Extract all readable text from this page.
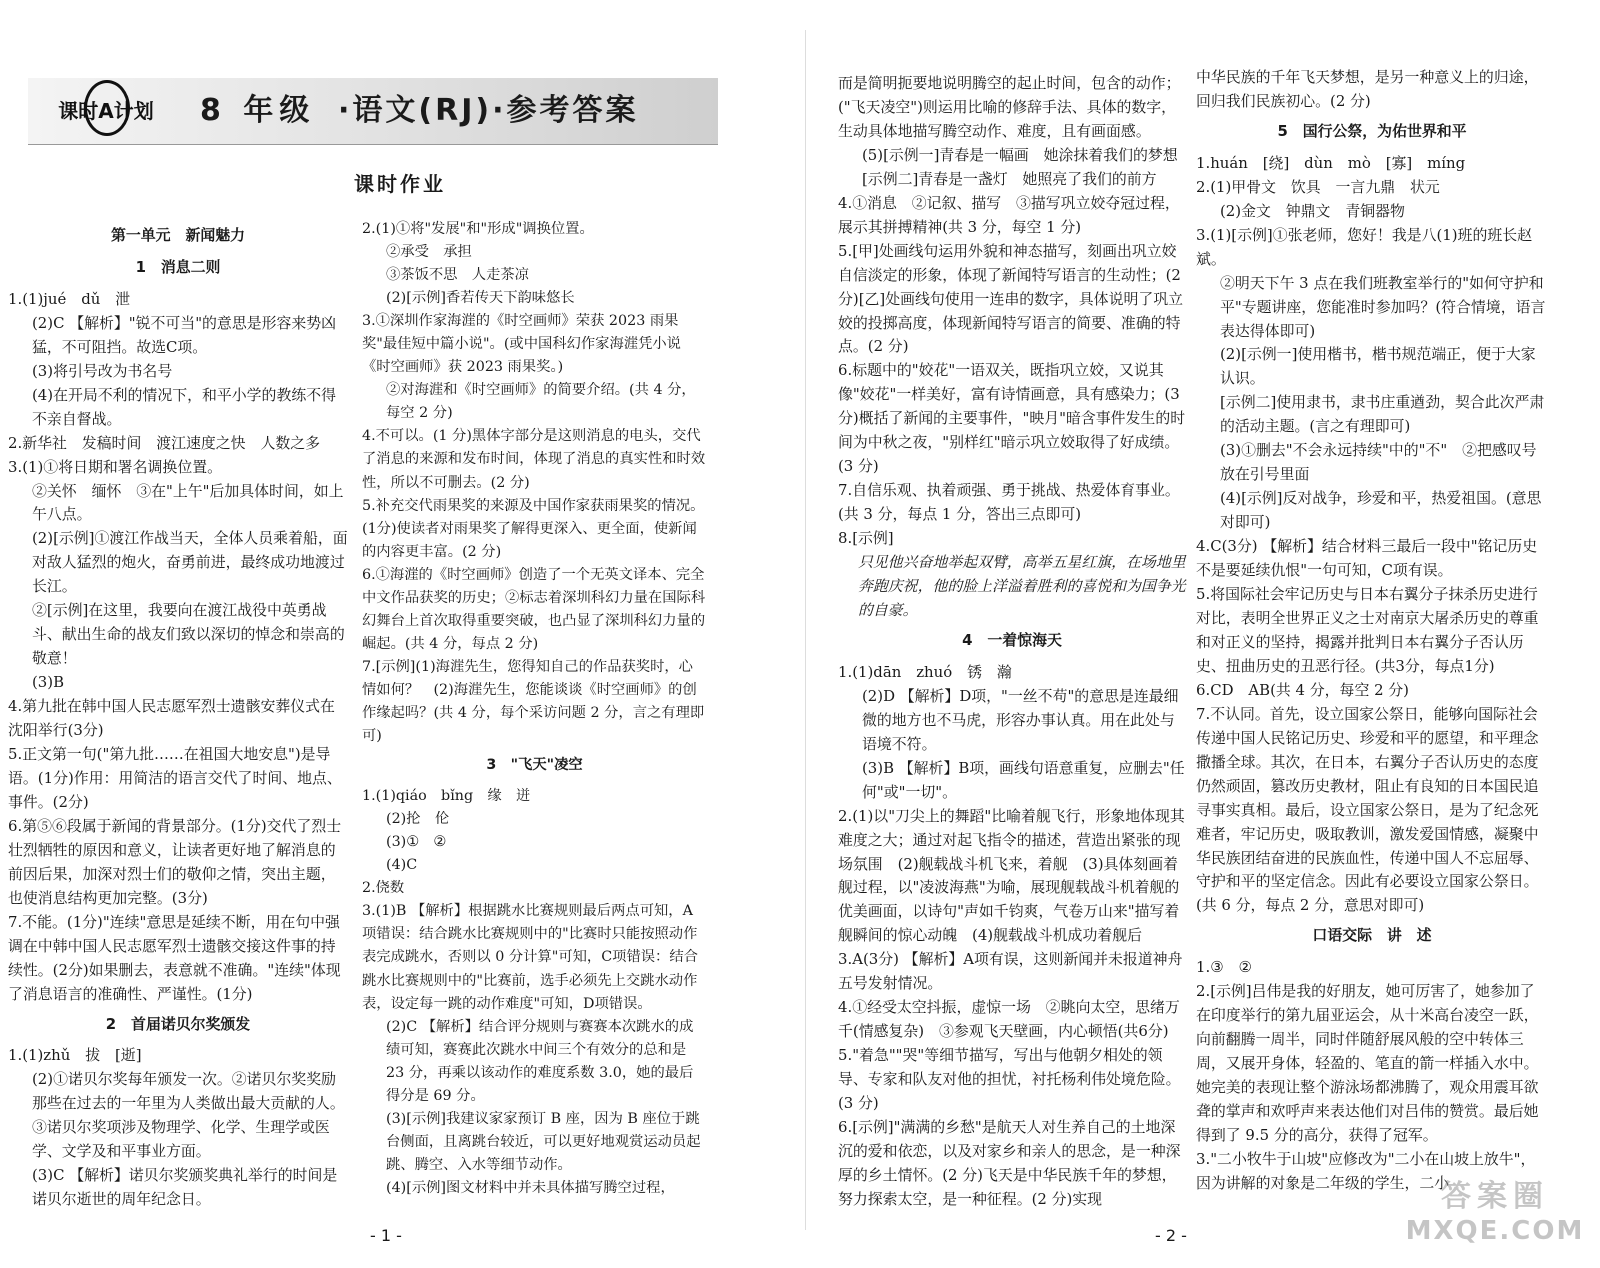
课时A计划	8 年级 ·语文(RJ)·参考答案
课时作业

第一单元　新闻魅力

1　消息二则

1.(1)jué　dǔ　泄

(2)C 【解析】"锐不可当"的意思是形容来势凶猛，不可阻挡。故选C项。

(3)将引号改为书名号

(4)在开局不利的情况下，和平小学的教练不得不亲自督战。

2.新华社　发稿时间　渡江速度之快　人数之多

3.(1)①将日期和署名调换位置。

②关怀　缅怀　③在"上午"后加具体时间，如上午八点。

(2)[示例]①渡江作战当天，全体人员乘着船，面对敌人猛烈的炮火，奋勇前进，最终成功地渡过长江。

②[示例]在这里，我要向在渡江战役中英勇战斗、献出生命的战友们致以深切的悼念和崇高的敬意！

(3)B

4.第九批在韩中国人民志愿军烈士遗骸安葬仪式在沈阳举行(3分)

5.正文第一句("第九批……在祖国大地安息")是导语。(1分)作用：用简洁的语言交代了时间、地点、事件。(2分)

6.第⑤⑥段属于新闻的背景部分。(1分)交代了烈士壮烈牺牲的原因和意义，让读者更好地了解消息的前因后果，加深对烈士们的敬仰之情，突出主题，也使消息结构更加完整。(3分)

7.不能。(1分)"连续"意思是延续不断，用在句中强调在中韩中国人民志愿军烈士遗骸交接这件事的持续性。(2分)如果删去，表意就不准确。"连续"体现了消息语言的准确性、严谨性。(1分)

2　首届诺贝尔奖颁发

1.(1)zhǔ　拔　[逝]

(2)①诺贝尔奖每年颁发一次。②诺贝尔奖奖励那些在过去的一年里为人类做出最大贡献的人。③诺贝尔奖项涉及物理学、化学、生理学或医学、文学及和平事业方面。

(3)C 【解析】诺贝尔奖颁奖典礼举行的时间是诺贝尔逝世的周年纪念日。

2.(1)①将"发展"和"形成"调换位置。

②承受　承担

③茶饭不思　人走茶凉

(2)[示例]香若传天下韵味悠长

3.①深圳作家海漄的《时空画师》荣获 2023 雨果奖"最佳短中篇小说"。(或中国科幻作家海漄凭小说《时空画师》获 2023 雨果奖。)

②对海漄和《时空画师》的简要介绍。(共 4 分，每空 2 分)

4.不可以。(1 分)黑体字部分是这则消息的电头，交代了消息的来源和发布时间，体现了消息的真实性和时效性，所以不可删去。(2 分)

5.补充交代雨果奖的来源及中国作家获雨果奖的情况。(1分)使读者对雨果奖了解得更深入、更全面，使新闻的内容更丰富。(2 分)

6.①海漄的《时空画师》创造了一个无英文译本、完全中文作品获奖的历史；②标志着深圳科幻力量在国际科幻舞台上首次取得重要突破，也凸显了深圳科幻力量的崛起。(共 4 分，每点 2 分)

7.[示例](1)海漄先生，您得知自己的作品获奖时，心情如何？　(2)海漄先生，您能谈谈《时空画师》的创作缘起吗？(共 4 分，每个采访问题 2 分，言之有理即可)

3　"飞天"凌空

1.(1)qiáo　bǐng　缘　迸

(2)抡　伦

(3)①　②

(4)C

2.侥数

3.(1)B 【解析】根据跳水比赛规则最后两点可知，A项错误：结合跳水比赛规则中的"比赛时只能按照动作表完成跳水，否则以 0 分计算"可知，C项错误：结合跳水比赛规则中的"比赛前，选手必须先上交跳水动作表，设定每一跳的动作难度"可知，D项错误。

(2)C 【解析】结合评分规则与赛赛本次跳水的成绩可知，赛赛此次跳水中间三个有效分的总和是 23 分，再乘以该动作的难度系数 3.0，她的最后得分是 69 分。

(3)[示例]我建议家家预订 B 座，因为 B 座位于跳台侧面，且离跳台较近，可以更好地观赏运动员起跳、腾空、入水等细节动作。

(4)[示例]图文材料中并未具体描写腾空过程，

而是简明扼要地说明腾空的起止时间，包含的动作；("飞天凌空")则运用比喻的修辞手法、具体的数字，生动具体地描写腾空动作、难度，且有画面感。

(5)[示例一]青春是一幅画　她涂抹着我们的梦想

[示例二]青春是一盏灯　她照亮了我们的前方

4.①消息　②记叙、描写　③描写巩立姣夺冠过程，展示其拼搏精神(共 3 分，每空 1 分)

5.[甲]处画线句运用外貌和神态描写，刻画出巩立姣自信淡定的形象，体现了新闻特写语言的生动性；(2 分)[乙]处画线句使用一连串的数字，具体说明了巩立姣的投掷高度，体现新闻特写语言的简要、准确的特点。(2 分)

6.标题中的"姣花"一语双关，既指巩立姣，又说其像"姣花"一样美好，富有诗情画意，具有感染力；(3 分)概括了新闻的主要事件，"映月"暗含事件发生的时间为中秋之夜，"别样红"暗示巩立姣取得了好成绩。(3 分)

7.自信乐观、执着顽强、勇于挑战、热爱体育事业。(共 3 分，每点 1 分，答出三点即可)

8.[示例]

只见他兴奋地举起双臂，高举五星红旗，在场地里奔跑庆祝，他的脸上洋溢着胜利的喜悦和为国争光的自豪。

4　一着惊海天

1.(1)dān　zhuó　锈　瀚

(2)D 【解析】D项，"一丝不苟"的意思是连最细微的地方也不马虎，形容办事认真。用在此处与语境不符。

(3)B 【解析】B项，画线句语意重复，应删去"任何"或"一切"。

2.(1)以"刀尖上的舞蹈"比喻着舰飞行，形象地体现其难度之大；通过对起飞指令的描述，营造出紧张的现场氛围　(2)舰载战斗机飞来，着舰　(3)具体刻画着舰过程，以"凌波海燕"为喻，展现舰载战斗机着舰的优美画面，以诗句"声如千钧爽，气卷万山来"描写着舰瞬间的惊心动魄　(4)舰载战斗机成功着舰后

3.A(3分) 【解析】A项有误，这则新闻并未报道神舟五号发射情况。

4.①经受太空抖振，虚惊一场　②眺向太空，思绪万千(情感复杂)　③参观飞天壁画，内心顿悟(共6分)

5."着急""哭"等细节描写，写出与他朝夕相处的领导、专家和队友对他的担忧，衬托杨利伟处境危险。(3 分)

6.[示例]"满满的乡愁"是航天人对生养自己的土地深沉的爱和依恋，以及对家乡和亲人的思念，是一种深厚的乡土情怀。(2 分)飞天是中华民族千年的梦想，努力探索太空，是一种征程。(2 分)实现

中华民族的千年飞天梦想，是另一种意义上的归途，回归我们民族初心。(2 分)

5　国行公祭，为佑世界和平

1.huán　[绕]　dùn　mò　[寡]　míng

2.(1)甲骨文　饮具　一言九鼎　状元

(2)金文　钟鼎文　青铜器物

3.(1)[示例]①张老师，您好！我是八(1)班的班长赵斌。

②明天下午 3 点在我们班教室举行的"如何守护和平"专题讲座，您能准时参加吗？(符合情境，语言表达得体即可)

(2)[示例一]使用楷书，楷书规范端正，便于大家认识。

[示例二]使用隶书，隶书庄重遒劲，契合此次严肃的活动主题。(言之有理即可)

(3)①删去"不会永远持续"中的"不"　②把感叹号放在引号里面

(4)[示例]反对战争，珍爱和平，热爱祖国。(意思对即可)

4.C(3分) 【解析】结合材料三最后一段中"铭记历史不是要延续仇恨"一句可知，C项有误。

5.将国际社会牢记历史与日本右翼分子抹杀历史进行对比，表明全世界正义之士对南京大屠杀历史的尊重和对正义的坚持，揭露并批判日本右翼分子否认历史、扭曲历史的丑恶行径。(共3分，每点1分)

6.CD　AB(共 4 分，每空 2 分)

7.不认同。首先，设立国家公祭日，能够向国际社会传递中国人民铭记历史、珍爱和平的愿望，和平理念撒播全球。其次，在日本，右翼分子否认历史的态度仍然顽固，篡改历史教材，阻止有良知的日本国民追寻事实真相。最后，设立国家公祭日，是为了纪念死难者，牢记历史，吸取教训，激发爱国情感，凝聚中华民族团结奋进的民族血性，传递中国人不忘屈辱、守护和平的坚定信念。因此有必要设立国家公祭日。(共 6 分，每点 2 分，意思对即可)

口语交际　讲　述

1.③　②

2.[示例]吕伟是我的好朋友，她可厉害了，她参加了在印度举行的第九届亚运会，从十米高台凌空一跃，向前翻腾一周半，同时伴随舒展风般的空中转体三周，又展开身体，轻盈的、笔直的箭一样插入水中。她完美的表现让整个游泳场都沸腾了，观众用震耳欲聋的掌声和欢呼声来表达他们对吕伟的赞赏。最后她得到了 9.5 分的高分，获得了冠军。

3."二小牧牛于山坡"应修改为"二小在山坡上放牛"，因为讲解的对象是二年级的学生，二小

- 1 -	- 2 -
答案圈
MXQE.COM
